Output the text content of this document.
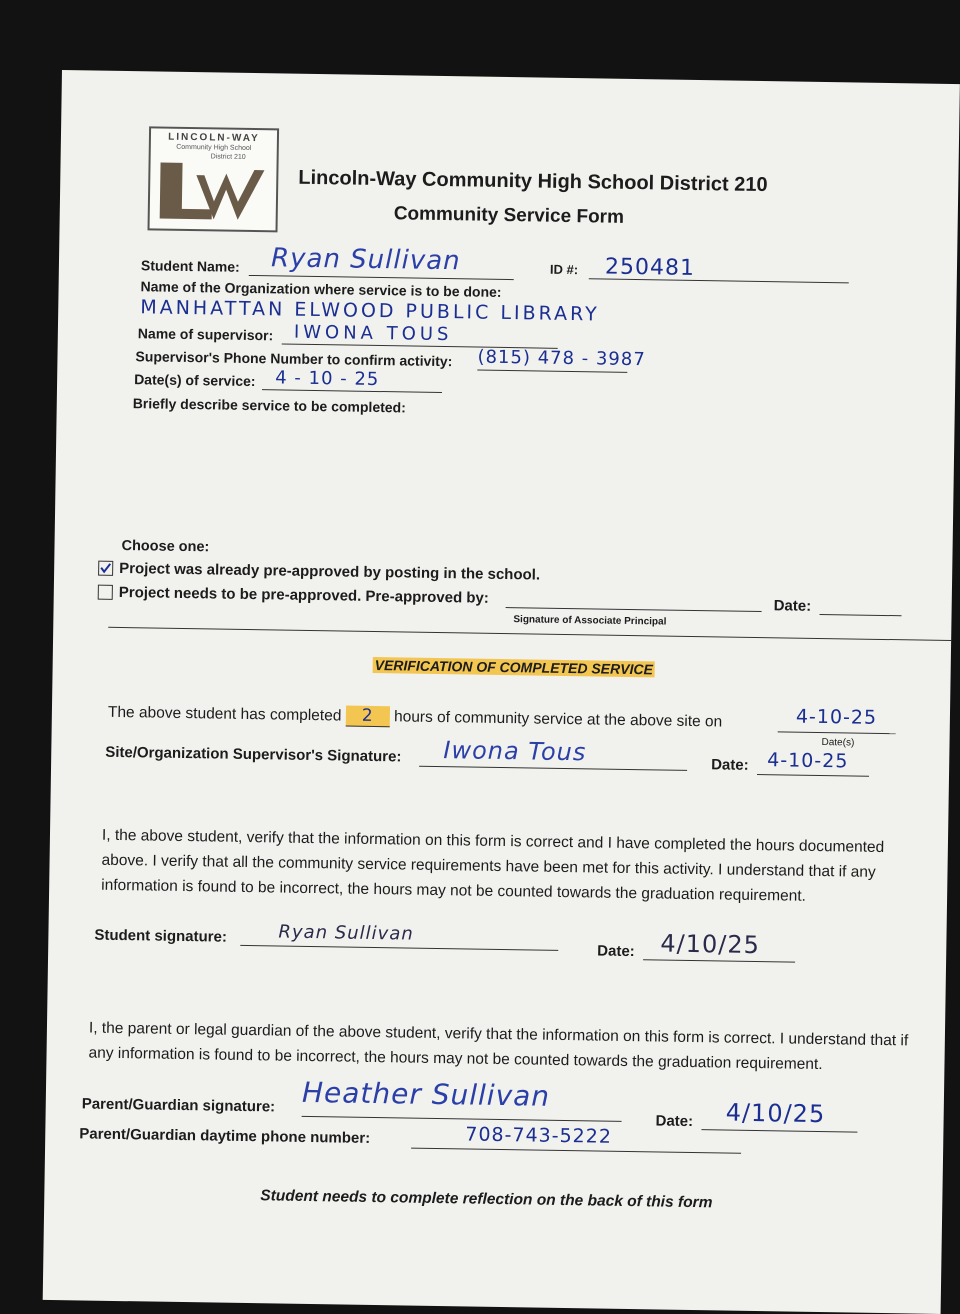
LINCOLN-WAY
Community High School
District 210
Lincoln-Way Community High School District 210
Community Service Form
Student Name: Ryan Sullivan	ID #: 250481
Name of the Organization where service is to be done:
MANHATTAN ELWOOD PUBLIC LIBRARY
Name of supervisor: IWONA TOUS
Supervisor's Phone Number to confirm activity: (815) 478 - 3987
Date(s) of service: 4 - 10 - 25
Briefly describe service to be completed:
Choose one:
Project was already pre-approved by posting in the school.
Project needs to be pre-approved. Pre-approved by:	Date:
Signature of Associate Principal
VERIFICATION OF COMPLETED SERVICE
The above student has completed 2 hours of community service at the above site on	4-10-25
Date(s)
Site/Organization Supervisor's Signature: Iwona Tous	Date: 4-10-25
I, the above student, verify that the information on this form is correct and I have completed the hours documented above. I verify that all the community service requirements have been met for this activity. I understand that if any information is found to be incorrect, the hours may not be counted towards the graduation requirement.
Student signature:	Ryan Sullivan
Date: 4/10/25
I, the parent or legal guardian of the above student, verify that the information on this form is correct. I understand that if any information is found to be incorrect, the hours may not be counted towards the graduation requirement.
Parent/Guardian signature: Heather Sullivan
Date: 4/10/25
Parent/Guardian daytime phone number:	708-743-5222
Student needs to complete reflection on the back of this form
